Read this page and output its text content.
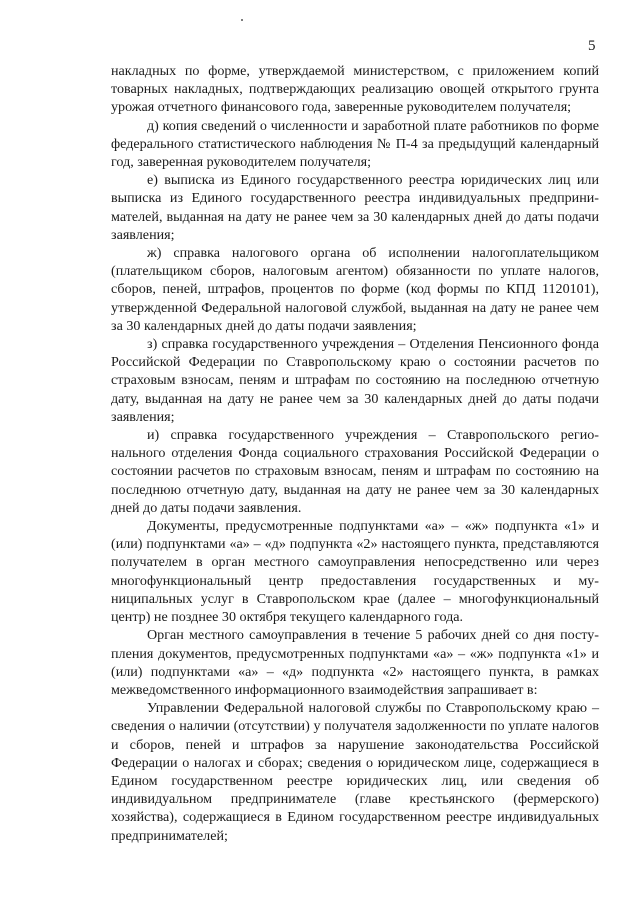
5

накладных по форме, утверждаемой министерством, с приложением копий товарных накладных, подтверждающих реализацию овощей открытого грунта урожая отчетного финансового года, заверенные руководителем получателя;

д) копия сведений о численности и заработной плате работников по форме федерального статистического наблюдения № П-4 за предыдущий календарный год, заверенная руководителем получателя;

е) выписка из Единого государственного реестра юридических лиц или выписка из Единого государственного реестра индивидуальных предпринимателей, выданная на дату не ранее чем за 30 календарных дней до даты подачи заявления;

ж) справка налогового органа об исполнении налогоплательщиком (плательщиком сборов, налоговым агентом) обязанности по уплате налогов, сборов, пеней, штрафов, процентов по форме (код формы по КПД 1120101), утвержденной Федеральной налоговой службой, выданная на дату не ранее чем за 30 календарных дней до даты подачи заявления;

з) справка государственного учреждения – Отделения Пенсионного фонда Российской Федерации по Ставропольскому краю о состоянии расчетов по страховым взносам, пеням и штрафам по состоянию на последнюю отчетную дату, выданная на дату не ранее чем за 30 календарных дней до даты подачи заявления;

и) справка государственного учреждения – Ставропольского регионального отделения Фонда социального страхования Российской Федерации о состоянии расчетов по страховым взносам, пеням и штрафам по состоянию на последнюю отчетную дату, выданная на дату не ранее чем за 30 календарных дней до даты подачи заявления.

Документы, предусмотренные подпунктами «а» – «ж» подпункта «1» и (или) подпунктами «а» – «д» подпункта «2» настоящего пункта, представляются получателем в орган местного самоуправления непосредственно или через многофункциональный центр предоставления государственных и муниципальных услуг в Ставропольском крае (далее – многофункциональный центр) не позднее 30 октября текущего календарного года.

Орган местного самоуправления в течение 5 рабочих дней со дня поступления документов, предусмотренных подпунктами «а» – «ж» подпункта «1» и (или) подпунктами «а» – «д» подпункта «2» настоящего пункта, в рамках межведомственного информационного взаимодействия запрашивает в:

Управлении Федеральной налоговой службы по Ставропольскому краю – сведения о наличии (отсутствии) у получателя задолженности по уплате налогов и сборов, пеней и штрафов за нарушение законодательства Российской Федерации о налогах и сборах; сведения о юридическом лице, содержащиеся в Едином государственном реестре юридических лиц, или сведения об индивидуальном предпринимателе (главе крестьянского (фермерского) хозяйства), содержащиеся в Едином государственном реестре индивидуальных предпринимателей;
